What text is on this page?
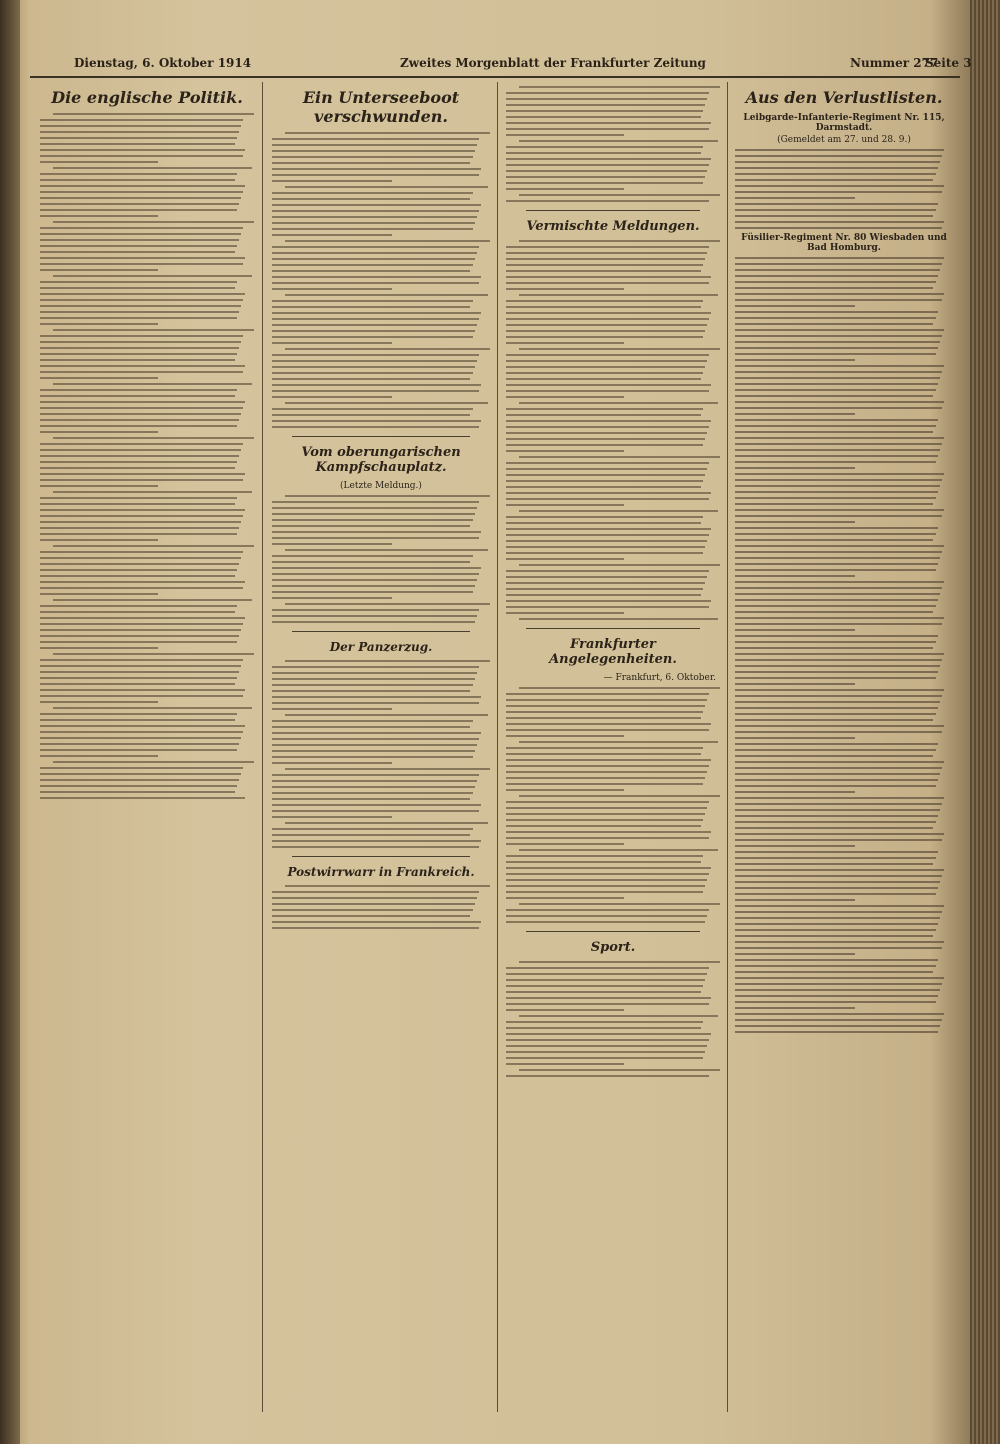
Dienstag, 6. Oktober 1914	Zweites Morgenblatt der Frankfurter Zeitung	Nummer 277
Seite 3
Die englische Politik.	Ein Unterseeboot verschwunden.
Vom oberungarischen Kampfschauplatz.
(Letzte Meldung.)
Der Panzerzug.
Postwirrwarr in Frankreich.
Vermischte Meldungen.
Frankfurter Angelegenheiten.
— Frankfurt, 6. Oktober.
Sport.
Aus den Verlustlisten.
Leibgarde-Infanterie-Regiment Nr. 115, Darmstadt.
(Gemeldet am 27. und 28. 9.)
Füsilier-Regiment Nr. 80 Wiesbaden und Bad Homburg.
